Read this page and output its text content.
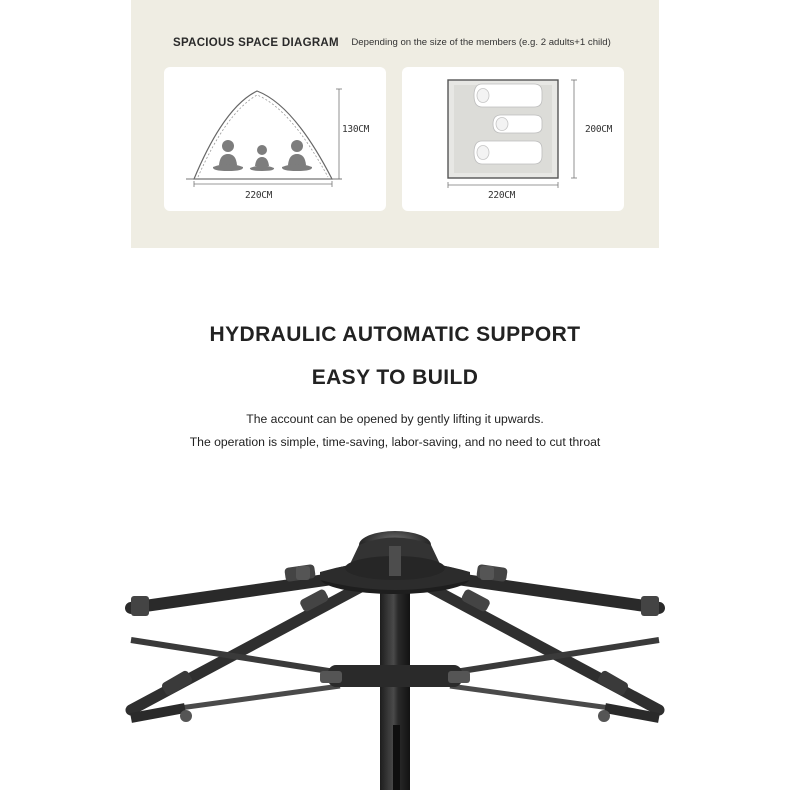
SPACIOUS SPACE DIAGRAM Depending on the size of the members (e.g. 2 adults+1 child)
130CM
220CM
200CM
220CM
HYDRAULIC AUTOMATIC SUPPORT
EASY TO BUILD
The account can be opened by gently lifting it upwards.
The operation is simple, time-saving, labor-saving, and no need to cut throat
